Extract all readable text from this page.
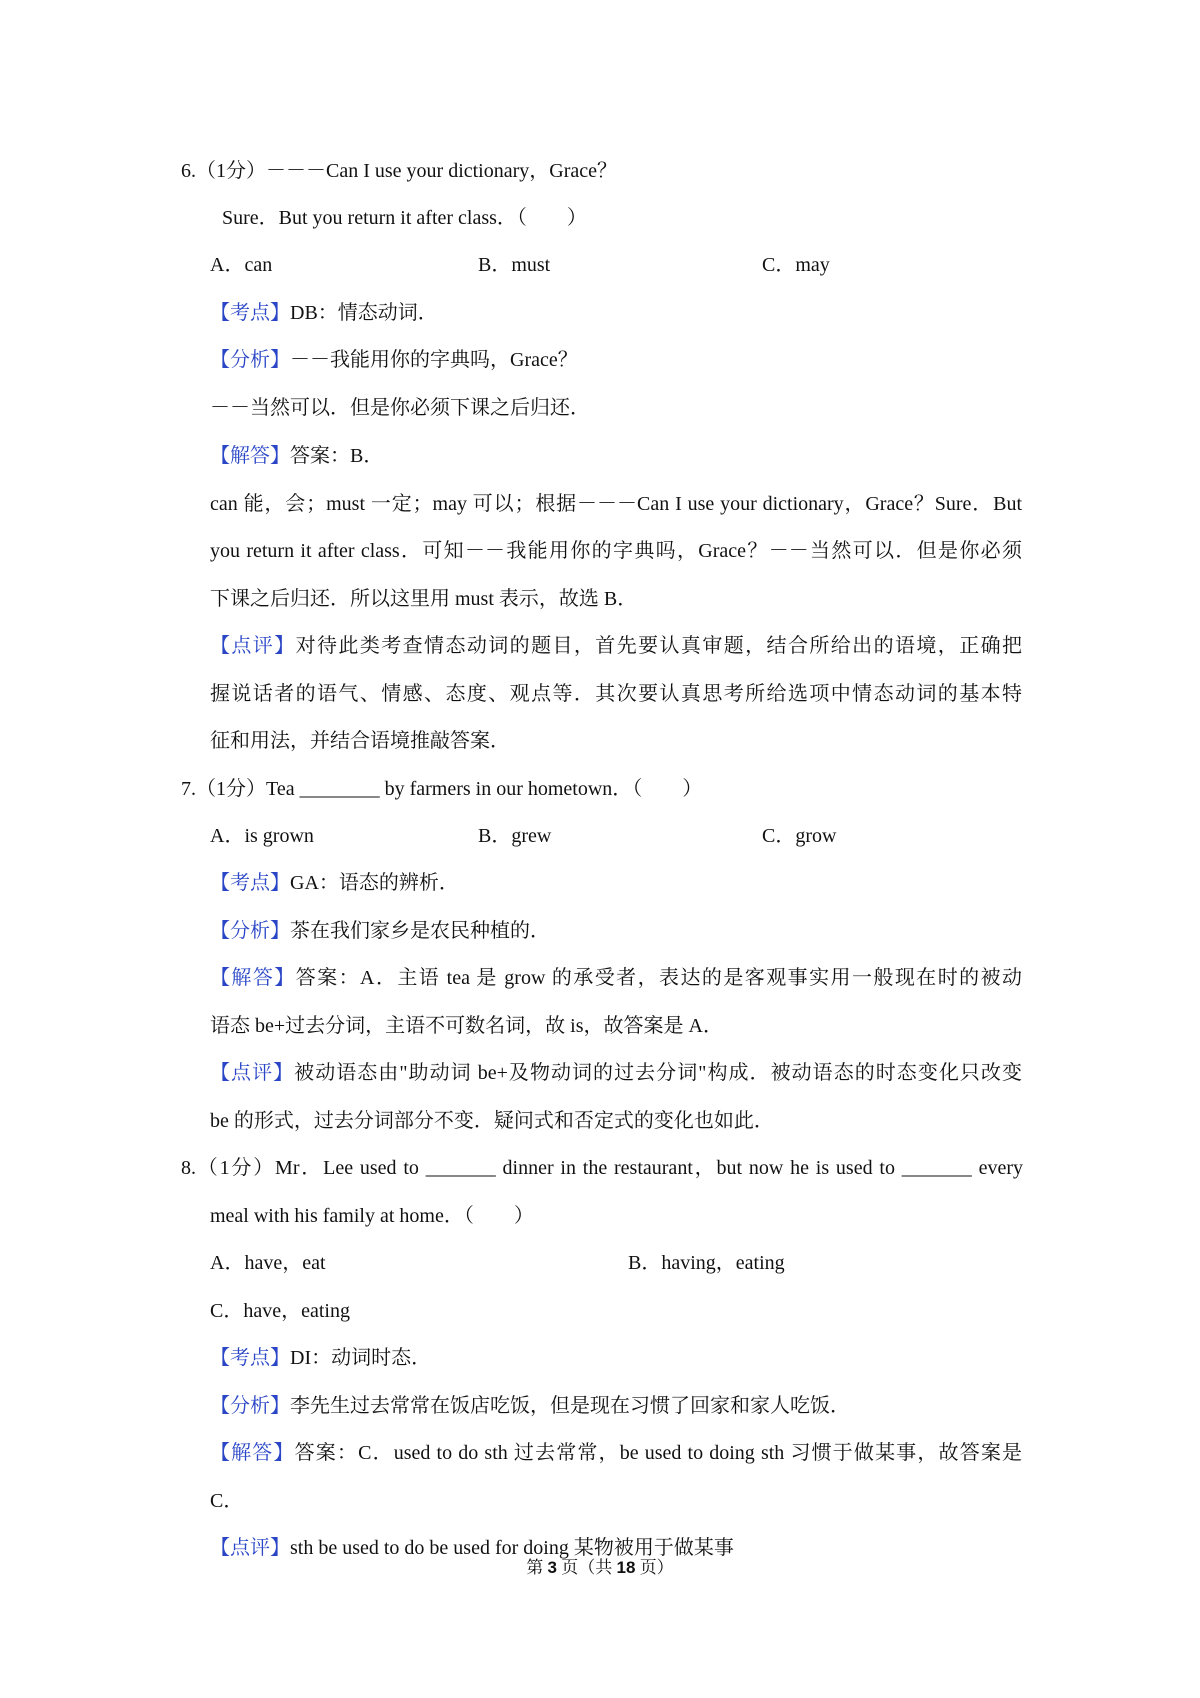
6.（1分）－－－Can I use your dictionary，Grace？
Sure．But you return it after class．（　　）
A．can	B．must	C．may
【考点】DB：情态动词．
【分析】－－我能用你的字典吗，Grace？
－－当然可以．但是你必须下课之后归还．
【解答】答案：B．
can 能，会；must 一定；may 可以；根据－－－Can I use your dictionary，Grace？Sure．But
you return it after class．可知－－我能用你的字典吗，Grace？－－当然可以．但是你必须
下课之后归还．所以这里用 must 表示，故选 B．
【点评】对待此类考查情态动词的题目，首先要认真审题，结合所给出的语境，正确把
握说话者的语气、情感、态度、观点等．其次要认真思考所给选项中情态动词的基本特
征和用法，并结合语境推敲答案．
7.（1分）Tea ________ by farmers in our hometown．（　　）
A．is grown	B．grew	C．grow
【考点】GA：语态的辨析．
【分析】茶在我们家乡是农民种植的．
【解答】答案：A．主语 tea 是 grow 的承受者，表达的是客观事实用一般现在时的被动
语态 be+过去分词，主语不可数名词，故 is，故答案是 A．
【点评】被动语态由"助动词 be+及物动词的过去分词"构成．被动语态的时态变化只改变
be 的形式，过去分词部分不变．疑问式和否定式的变化也如此．
8.（1分）Mr．Lee used to _______ dinner in the restaurant，but now he is used to _______ every
meal with his family at home．（　　）
A．have，eat	B．having，eating
C．have，eating
【考点】DI：动词时态．
【分析】李先生过去常常在饭店吃饭，但是现在习惯了回家和家人吃饭．
【解答】答案：C．used to do sth 过去常常，be used to doing sth 习惯于做某事，故答案是
C．
【点评】sth be used to do be used for doing 某物被用于做某事
第 3 页（共 18 页）
